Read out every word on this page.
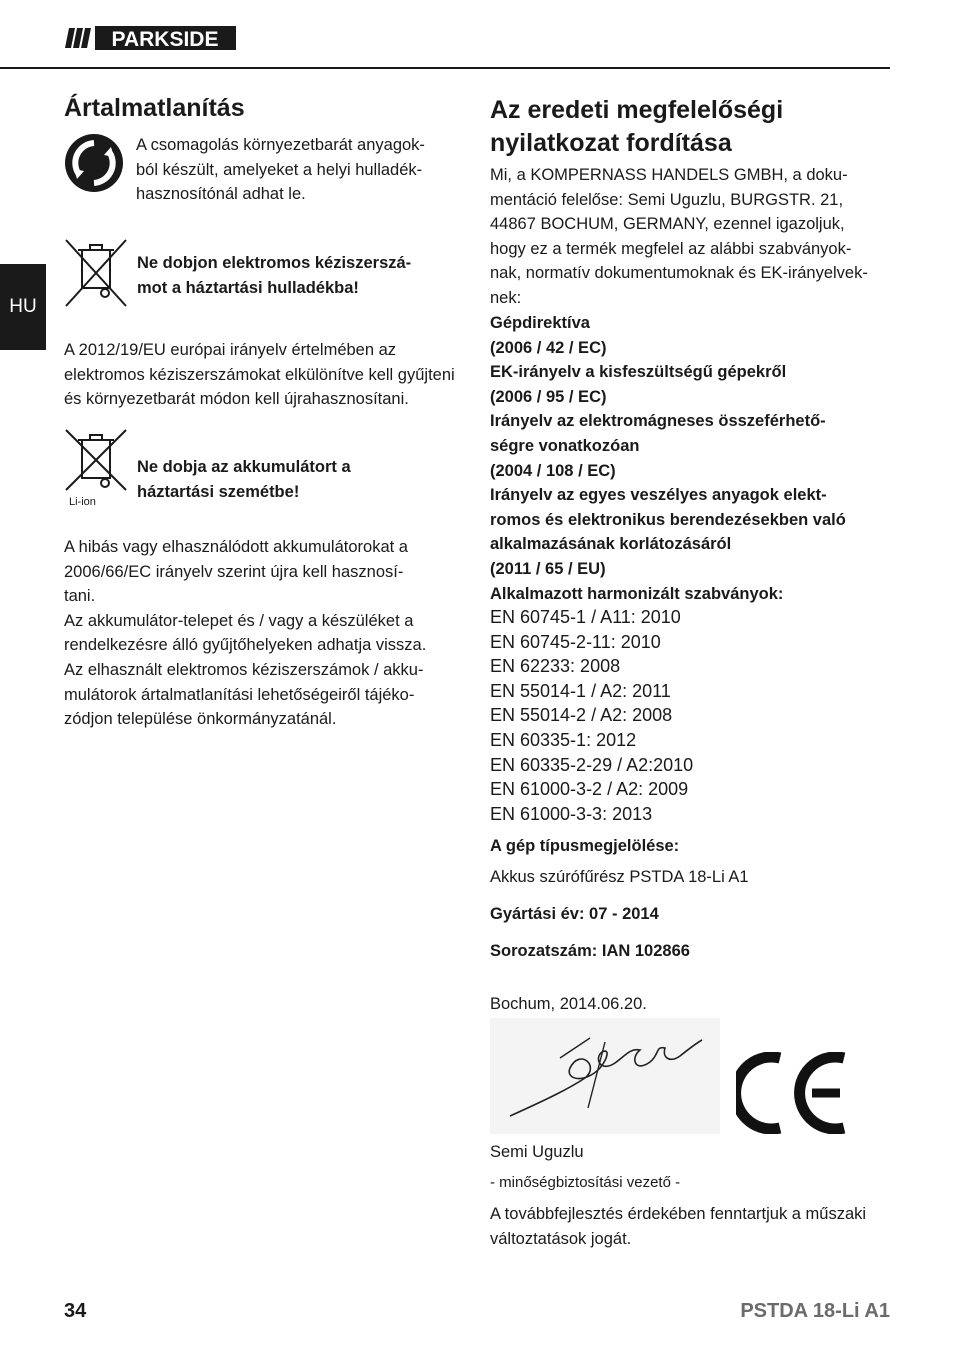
PARKSIDE
HU
Ártalmatlanítás
A csomagolás környezetbarát anyagok-
ból készült, amelyeket a helyi hulladék-
hasznosítónál adhat le.
Ne dobjon elektromos kéziszerszá-
mot a háztartási hulladékba!
A 2012/19/EU európai irányelv értelmében az
elektromos kéziszerszámokat elkülönítve kell gyűjteni
és környezetbarát módon kell újrahasznosítani.
Li-ion
Ne dobja az akkumulátort a
háztartási szemétbe!
A hibás vagy elhasználódott akkumulátorokat a
2006/66/EC irányelv szerint újra kell hasznosí-
tani.
Az akkumulátor-telepet és / vagy a készüléket a
rendelkezésre álló gyűjtőhelyeken adhatja vissza.
Az elhasznált elektromos kéziszerszámok / akku-
mulátorok ártalmatlanítási lehetőségeiről tájéko-
zódjon települése önkormányzatánál.
Az eredeti megfelelőségi
nyilatkozat fordítása
Mi, a KOMPERNASS HANDELS GMBH, a doku-
mentáció felelőse: Semi Uguzlu, BURGSTR. 21,
44867 BOCHUM, GERMANY, ezennel igazoljuk,
hogy ez a termék megfelel az alábbi szabványok-
nak, normatív dokumentumoknak és EK-irányelvek-
nek:
Gépdirektíva
(2006 / 42 / EC)
EK-irányelv a kisfeszültségű gépekről
(2006 / 95 / EC)
Irányelv az elektromágneses összeférhető-
ségre vonatkozóan
(2004 / 108 / EC)
Irányelv az egyes veszélyes anyagok elekt-
romos és elektronikus berendezésekben való
alkalmazásának korlátozásáról
(2011 / 65 / EU)
Alkalmazott harmonizált szabványok:
EN 60745-1 / A11: 2010
EN 60745-2-11: 2010
EN 62233: 2008
EN 55014-1 / A2: 2011
EN 55014-2 / A2: 2008
EN 60335-1: 2012
EN 60335-2-29 / A2:2010
EN 61000-3-2 / A2: 2009
EN 61000-3-3: 2013
A gép típusmegjelölése:
Akkus szúrófűrész PSTDA 18-Li A1
Gyártási év: 07 - 2014
Sorozatszám: IAN 102866
Bochum, 2014.06.20.
Semi Uguzlu
- minőségbiztosítási vezető -
A továbbfejlesztés érdekében fenntartjuk a műszaki
változtatások jogát.
34	PSTDA 18-Li A1
